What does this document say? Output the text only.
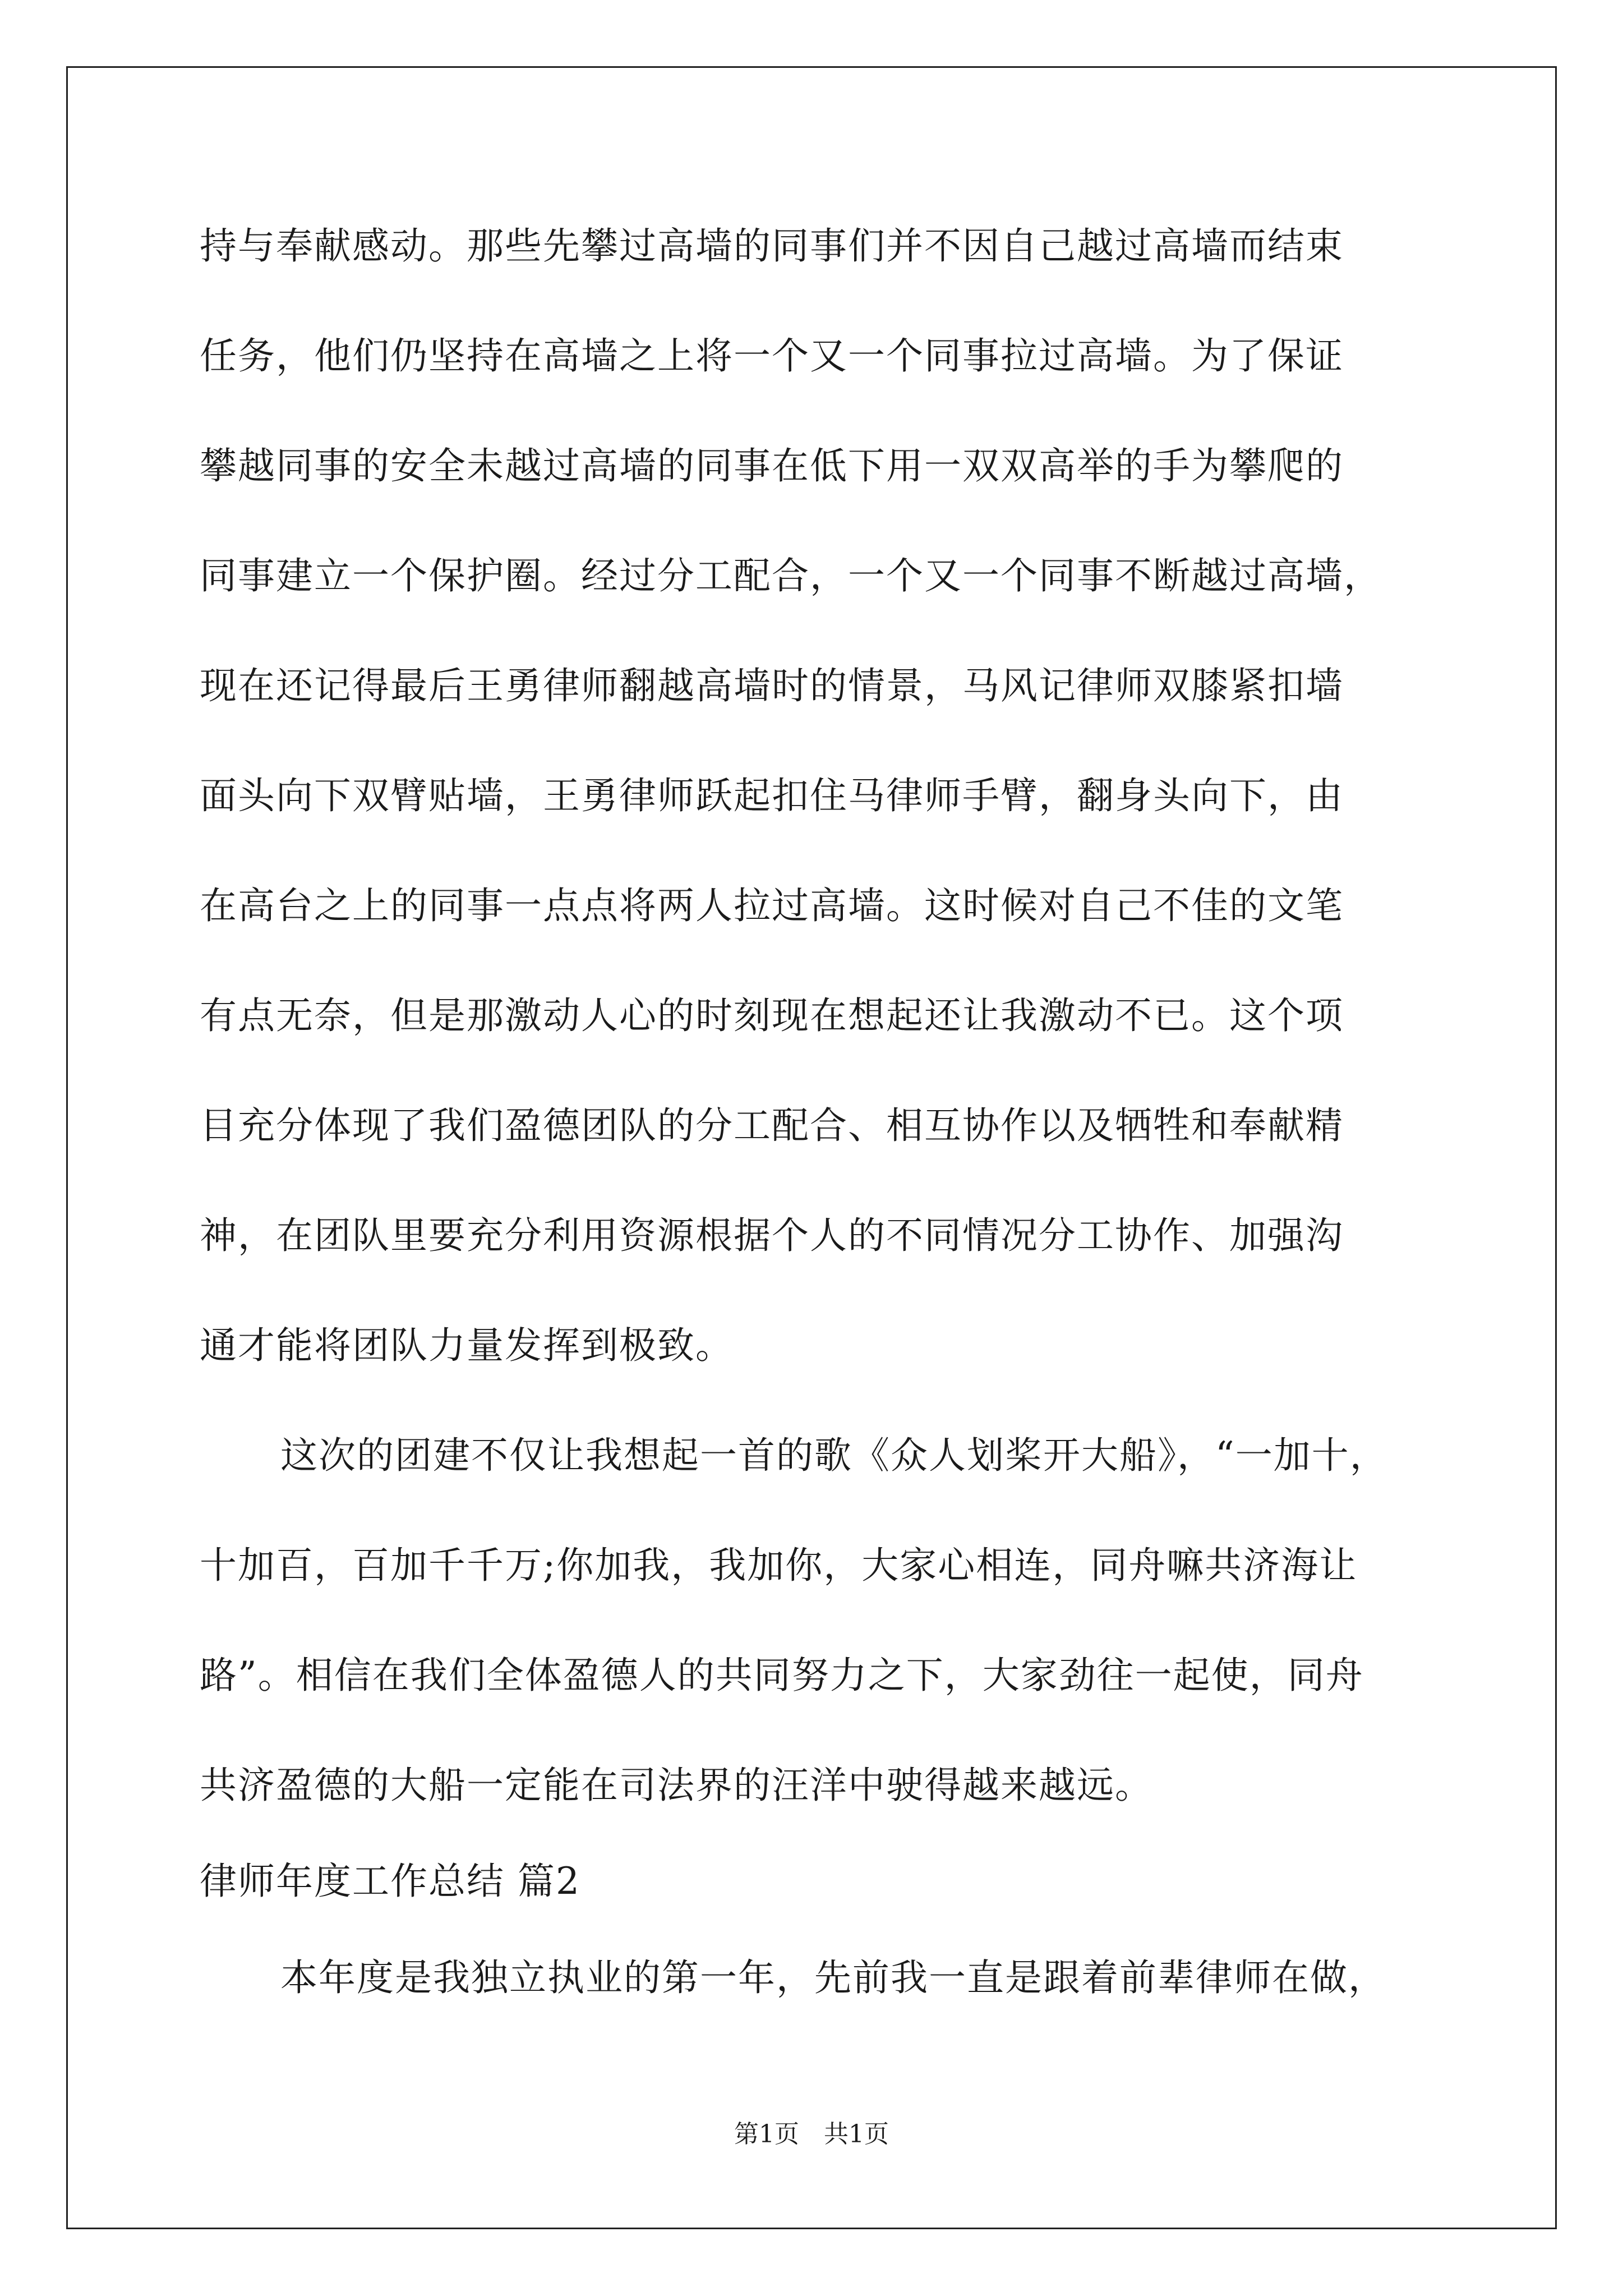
持与奉献感动。那些先攀过高墙的同事们并不因自己越过高墙而结束
任务，他们仍坚持在高墙之上将一个又一个同事拉过高墙。为了保证
攀越同事的安全未越过高墙的同事在低下用一双双高举的手为攀爬的
同事建立一个保护圈。经过分工配合，一个又一个同事不断越过高墙，
现在还记得最后王勇律师翻越高墙时的情景，马风记律师双膝紧扣墙
面头向下双臂贴墙，王勇律师跃起扣住马律师手臂，翻身头向下，由
在高台之上的同事一点点将两人拉过高墙。这时候对自己不佳的文笔
有点无奈，但是那激动人心的时刻现在想起还让我激动不已。这个项
目充分体现了我们盈德团队的分工配合、相互协作以及牺牲和奉献精
神，在团队里要充分利用资源根据个人的不同情况分工协作、加强沟
通才能将团队力量发挥到极致。
这次的团建不仅让我想起一首的歌《众人划桨开大船》，“一加十，
十加百，百加千千万;你加我，我加你，大家心相连，同舟嘛共济海让
路”。相信在我们全体盈德人的共同努力之下，大家劲往一起使，同舟
共济盈德的大船一定能在司法界的汪洋中驶得越来越远。
律师年度工作总结 篇2
本年度是我独立执业的第一年，先前我一直是跟着前辈律师在做，
第1页　共1页
